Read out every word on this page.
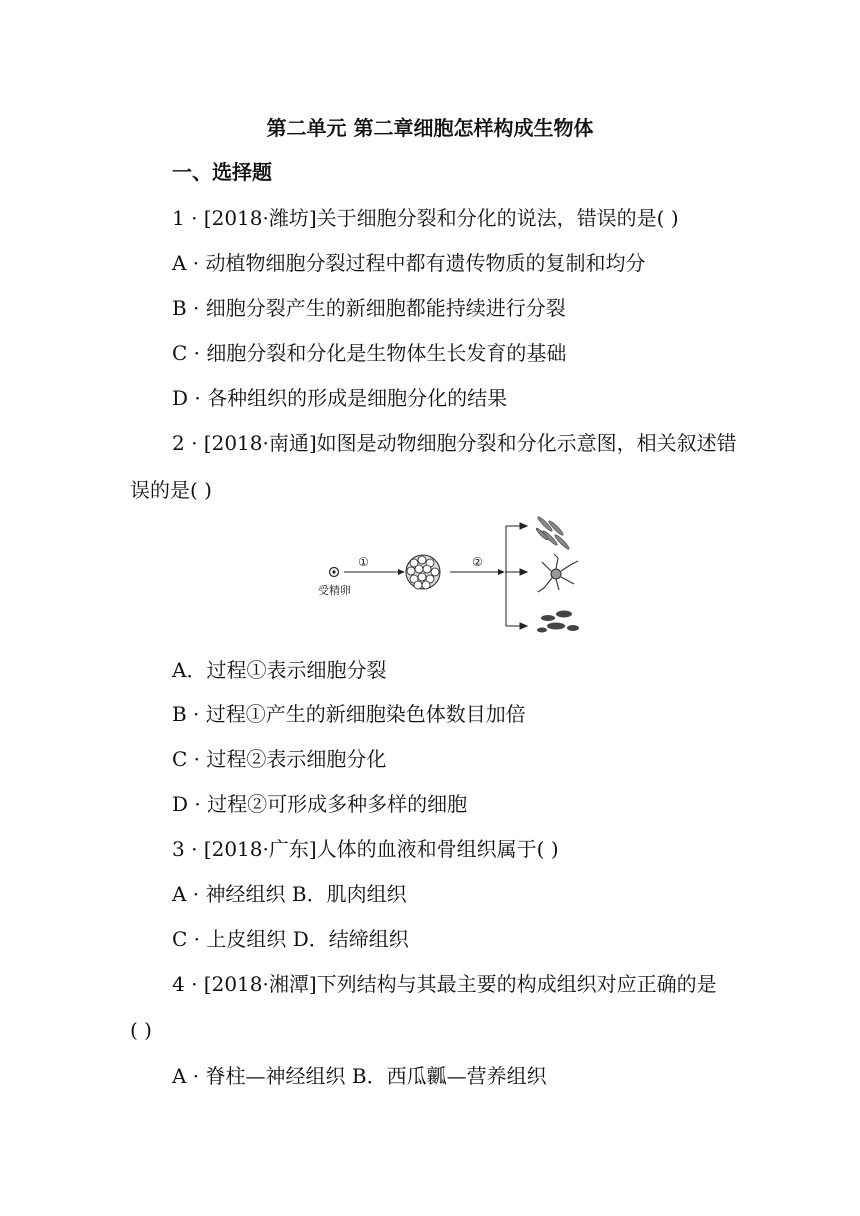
第二单元 第二章细胞怎样构成生物体
一、选择题
1 · [2018·潍坊]关于细胞分裂和分化的说法，错误的是( )
A · 动植物细胞分裂过程中都有遗传物质的复制和均分
B · 细胞分裂产生的新细胞都能持续进行分裂
C · 细胞分裂和分化是生物体生长发育的基础
D · 各种组织的形成是细胞分化的结果
2 · [2018·南通]如图是动物细胞分裂和分化示意图，相关叙述错
误的是( )
受精卵
①	②
A．过程①表示细胞分裂
B · 过程①产生的新细胞染色体数目加倍
C · 过程②表示细胞分化
D · 过程②可形成多种多样的细胞
3 · [2018·广东]人体的血液和骨组织属于( )
A · 神经组织 B．肌肉组织
C · 上皮组织 D．结缔组织
4 · [2018·湘潭]下列结构与其最主要的构成组织对应正确的是
( )
A · 脊柱—神经组织 B．西瓜瓤—营养组织
